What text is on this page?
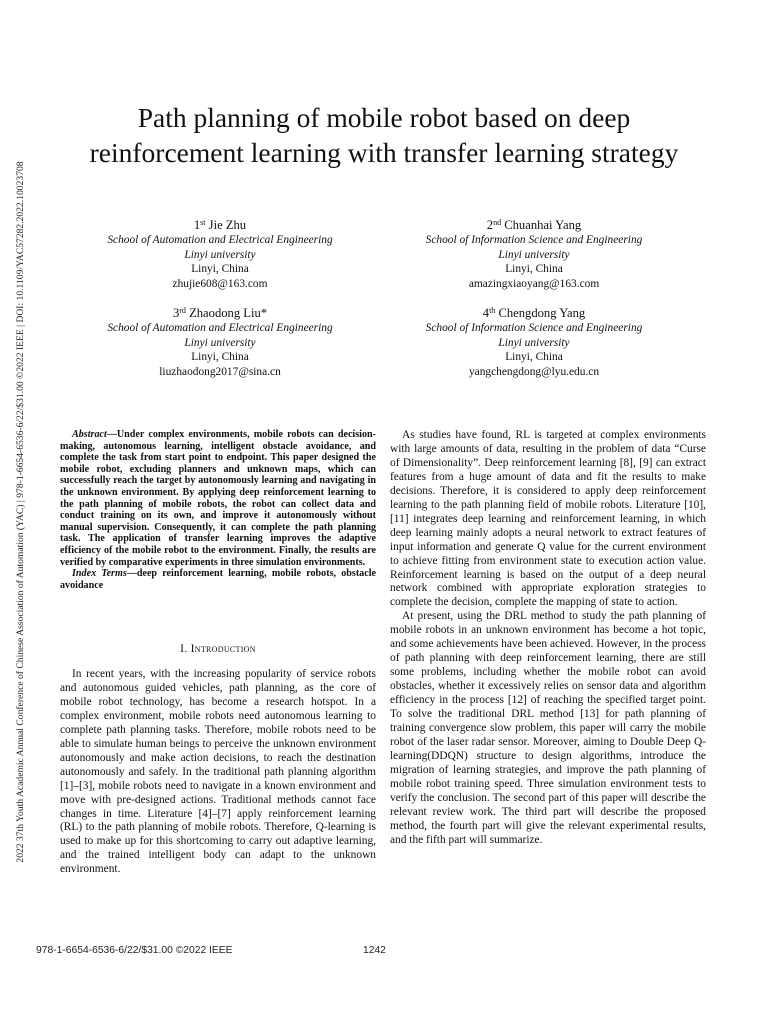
2022 37th Youth Academic Annual Conference of Chinese Association of Automation (YAC) | 978-1-6654-6536-6/22/$31.00 ©2022 IEEE | DOI: 10.1109/YAC57282.2022.10023708
Path planning of mobile robot based on deep reinforcement learning with transfer learning strategy
1st Jie Zhu
School of Automation and Electrical Engineering
Linyi university
Linyi, China
zhujie608@163.com
2nd Chuanhai Yang
School of Information Science and Engineering
Linyi university
Linyi, China
amazingxiaoyang@163.com
3rd Zhaodong Liu*
School of Automation and Electrical Engineering
Linyi university
Linyi, China
liuzhaodong2017@sina.cn
4th Chengdong Yang
School of Information Science and Engineering
Linyi university
Linyi, China
yangchengdong@lyu.edu.cn

Abstract—Under complex environments, mobile robots can decision-making, autonomous learning, intelligent obstacle avoidance, and complete the task from start point to endpoint. This paper designed the mobile robot, excluding planners and unknown maps, which can successfully reach the target by autonomously learning and navigating in the unknown environment. By applying deep reinforcement learning to the path planning of mobile robots, the robot can collect data and conduct training on its own, and improve it autonomously without manual supervision. Consequently, it can complete the path planning task. The application of transfer learning improves the adaptive efficiency of the mobile robot to the environment. Finally, the results are verified by comparative experiments in three simulation environments.

Index Terms—deep reinforcement learning, mobile robots, obstacle avoidance

I. Introduction

In recent years, with the increasing popularity of service robots and autonomous guided vehicles, path planning, as the core of mobile robot technology, has become a research hotspot. In a complex environment, mobile robots need autonomous learning to complete path planning tasks. Therefore, mobile robots need to be able to simulate human beings to perceive the unknown environment autonomously and make action decisions, to reach the destination autonomously and safely. In the traditional path planning algorithm [1]–[3], mobile robots need to navigate in a known environment and move with pre-designed actions. Traditional methods cannot face changes in time. Literature [4]–[7] apply reinforcement learning (RL) to the path planning of mobile robots. Therefore, Q-learning is used to make up for this shortcoming to carry out adaptive learning, and the trained intelligent body can adapt to the unknown environment.

As studies have found, RL is targeted at complex environments with large amounts of data, resulting in the problem of data “Curse of Dimensionality”. Deep reinforcement learning [8], [9] can extract features from a huge amount of data and fit the results to make decisions. Therefore, it is considered to apply deep reinforcement learning to the path planning field of mobile robots. Literature [10], [11] integrates deep learning and reinforcement learning, in which deep learning mainly adopts a neural network to extract features of input information and generate Q value for the current environment to achieve fitting from environment state to execution action value. Reinforcement learning is based on the output of a deep neural network combined with appropriate exploration strategies to complete the decision, complete the mapping of state to action.

At present, using the DRL method to study the path planning of mobile robots in an unknown environment has become a hot topic, and some achievements have been achieved. However, in the process of path planning with deep reinforcement learning, there are still some problems, including whether the mobile robot can avoid obstacles, whether it excessively relies on sensor data and algorithm efficiency in the process [12] of reaching the specified target point. To solve the traditional DRL method [13] for path planning of training convergence slow problem, this paper will carry the mobile robot of the laser radar sensor. Moreover, aiming to Double Deep Q-learning(DDQN) structure to design algorithms, introduce the migration of learning strategies, and improve the path planning of mobile robot training speed. Three simulation environment tests to verify the conclusion. The second part of this paper will describe the relevant review work. The third part will describe the proposed method, the fourth part will give the relevant experimental results, and the fifth part will summarize.

978-1-6654-6536-6/22/$31.00 ©2022 IEEE	1242
